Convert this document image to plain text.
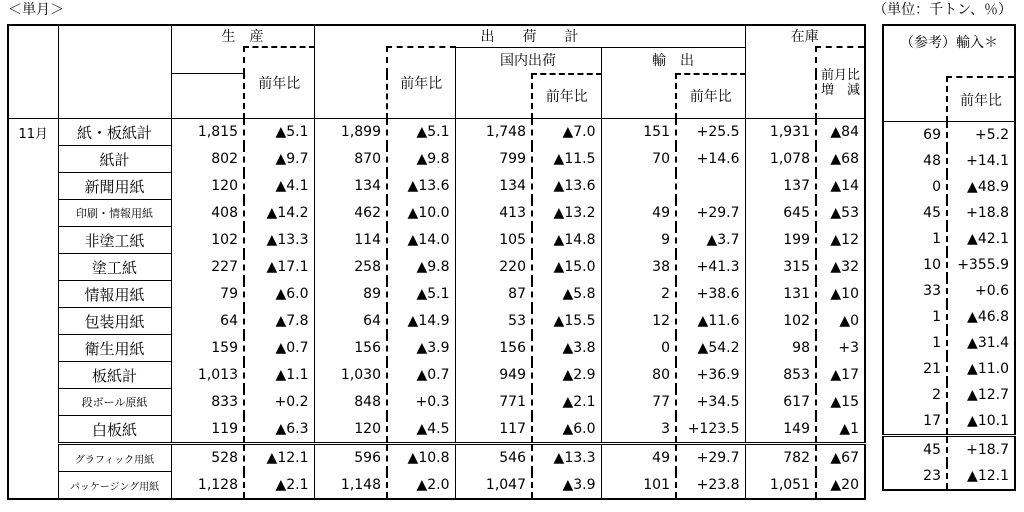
＜単月＞	（単位：千トン、％）
		生　産		出　　荷　　計						在庫	
			前年比		前年比	国内出荷		輸　出			前月比
増　減

							前年比		前年比		
11月	紙・板紙計	1,815	▲5.1	1,899	▲5.1	1,748	▲7.0	151	+25.5	1,931	▲84
	紙計	802	▲9.7	870	▲9.8	799	▲11.5	70	+14.6	1,078	▲68
	新聞用紙	120	▲4.1	134	▲13.6	134	▲13.6			137	▲14
	印刷・情報用紙	408	▲14.2	462	▲10.0	413	▲13.2	49	+29.7	645	▲53
	非塗工紙	102	▲13.3	114	▲14.0	105	▲14.8	9	▲3.7	199	▲12
	塗工紙	227	▲17.1	258	▲9.8	220	▲15.0	38	+41.3	315	▲32
	情報用紙	79	▲6.0	89	▲5.1	87	▲5.8	2	+38.6	131	▲10
	包装用紙	64	▲7.8	64	▲14.9	53	▲15.5	12	▲11.6	102	▲0
	衛生用紙	159	▲0.7	156	▲3.9	156	▲3.8	0	▲54.2	98	+3
	板紙計	1,013	▲1.1	1,030	▲0.7	949	▲2.9	80	+36.9	853	▲17
	段ボール原紙	833	+0.2	848	+0.3	771	▲2.1	77	+34.5	617	▲15
	白板紙	119	▲6.3	120	▲4.5	117	▲6.0	3	+123.5	149	▲1
	グラフィック用紙	528	▲12.1	596	▲10.8	546	▲13.3	49	+29.7	782	▲67
	パッケージング用紙	1,128	▲2.1	1,148	▲2.0	1,047	▲3.9	101	+23.8	1,051	▲20
（参考）輸入＊	
	前年比
69	+5.2
48	+14.1
0	▲48.9
45	+18.8
1	▲42.1
10	+355.9
33	+0.6
1	▲46.8
1	▲31.4
21	▲11.0
2	▲12.7
17	▲10.1
45	+18.7
23	▲12.1
